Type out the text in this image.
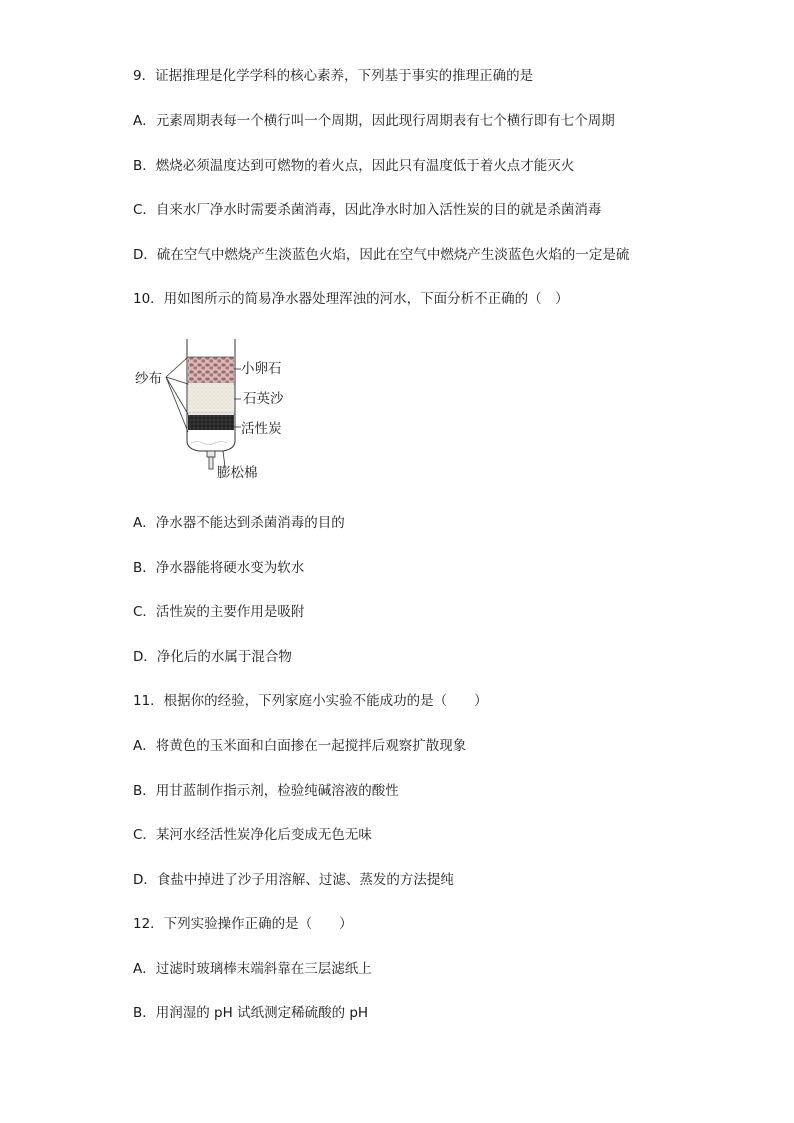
9．证据推理是化学学科的核心素养，下列基于事实的推理正确的是
A．元素周期表每一个横行叫一个周期，因此现行周期表有七个横行即有七个周期
B．燃烧必须温度达到可燃物的着火点，因此只有温度低于着火点才能灭火
C．自来水厂净水时需要杀菌消毒，因此净水时加入活性炭的目的就是杀菌消毒
D．硫在空气中燃烧产生淡蓝色火焰，因此在空气中燃烧产生淡蓝色火焰的一定是硫
10．用如图所示的简易净水器处理浑浊的河水，下面分析不正确的（　）
纱布
小卵石
石英沙
活性炭
膨松棉
A．净水器不能达到杀菌消毒的目的
B．净水器能将硬水变为软水
C．活性炭的主要作用是吸附
D．净化后的水属于混合物
11．根据你的经验，下列家庭小实验不能成功的是（　　）
A．将黄色的玉米面和白面掺在一起搅拌后观察扩散现象
B．用甘蓝制作指示剂，检验纯碱溶液的酸性
C．某河水经活性炭净化后变成无色无味
D．食盐中掉进了沙子用溶解、过滤、蒸发的方法提纯
12．下列实验操作正确的是（　　）
A．过滤时玻璃棒末端斜靠在三层滤纸上
B．用润湿的 pH 试纸测定稀硫酸的 pH
